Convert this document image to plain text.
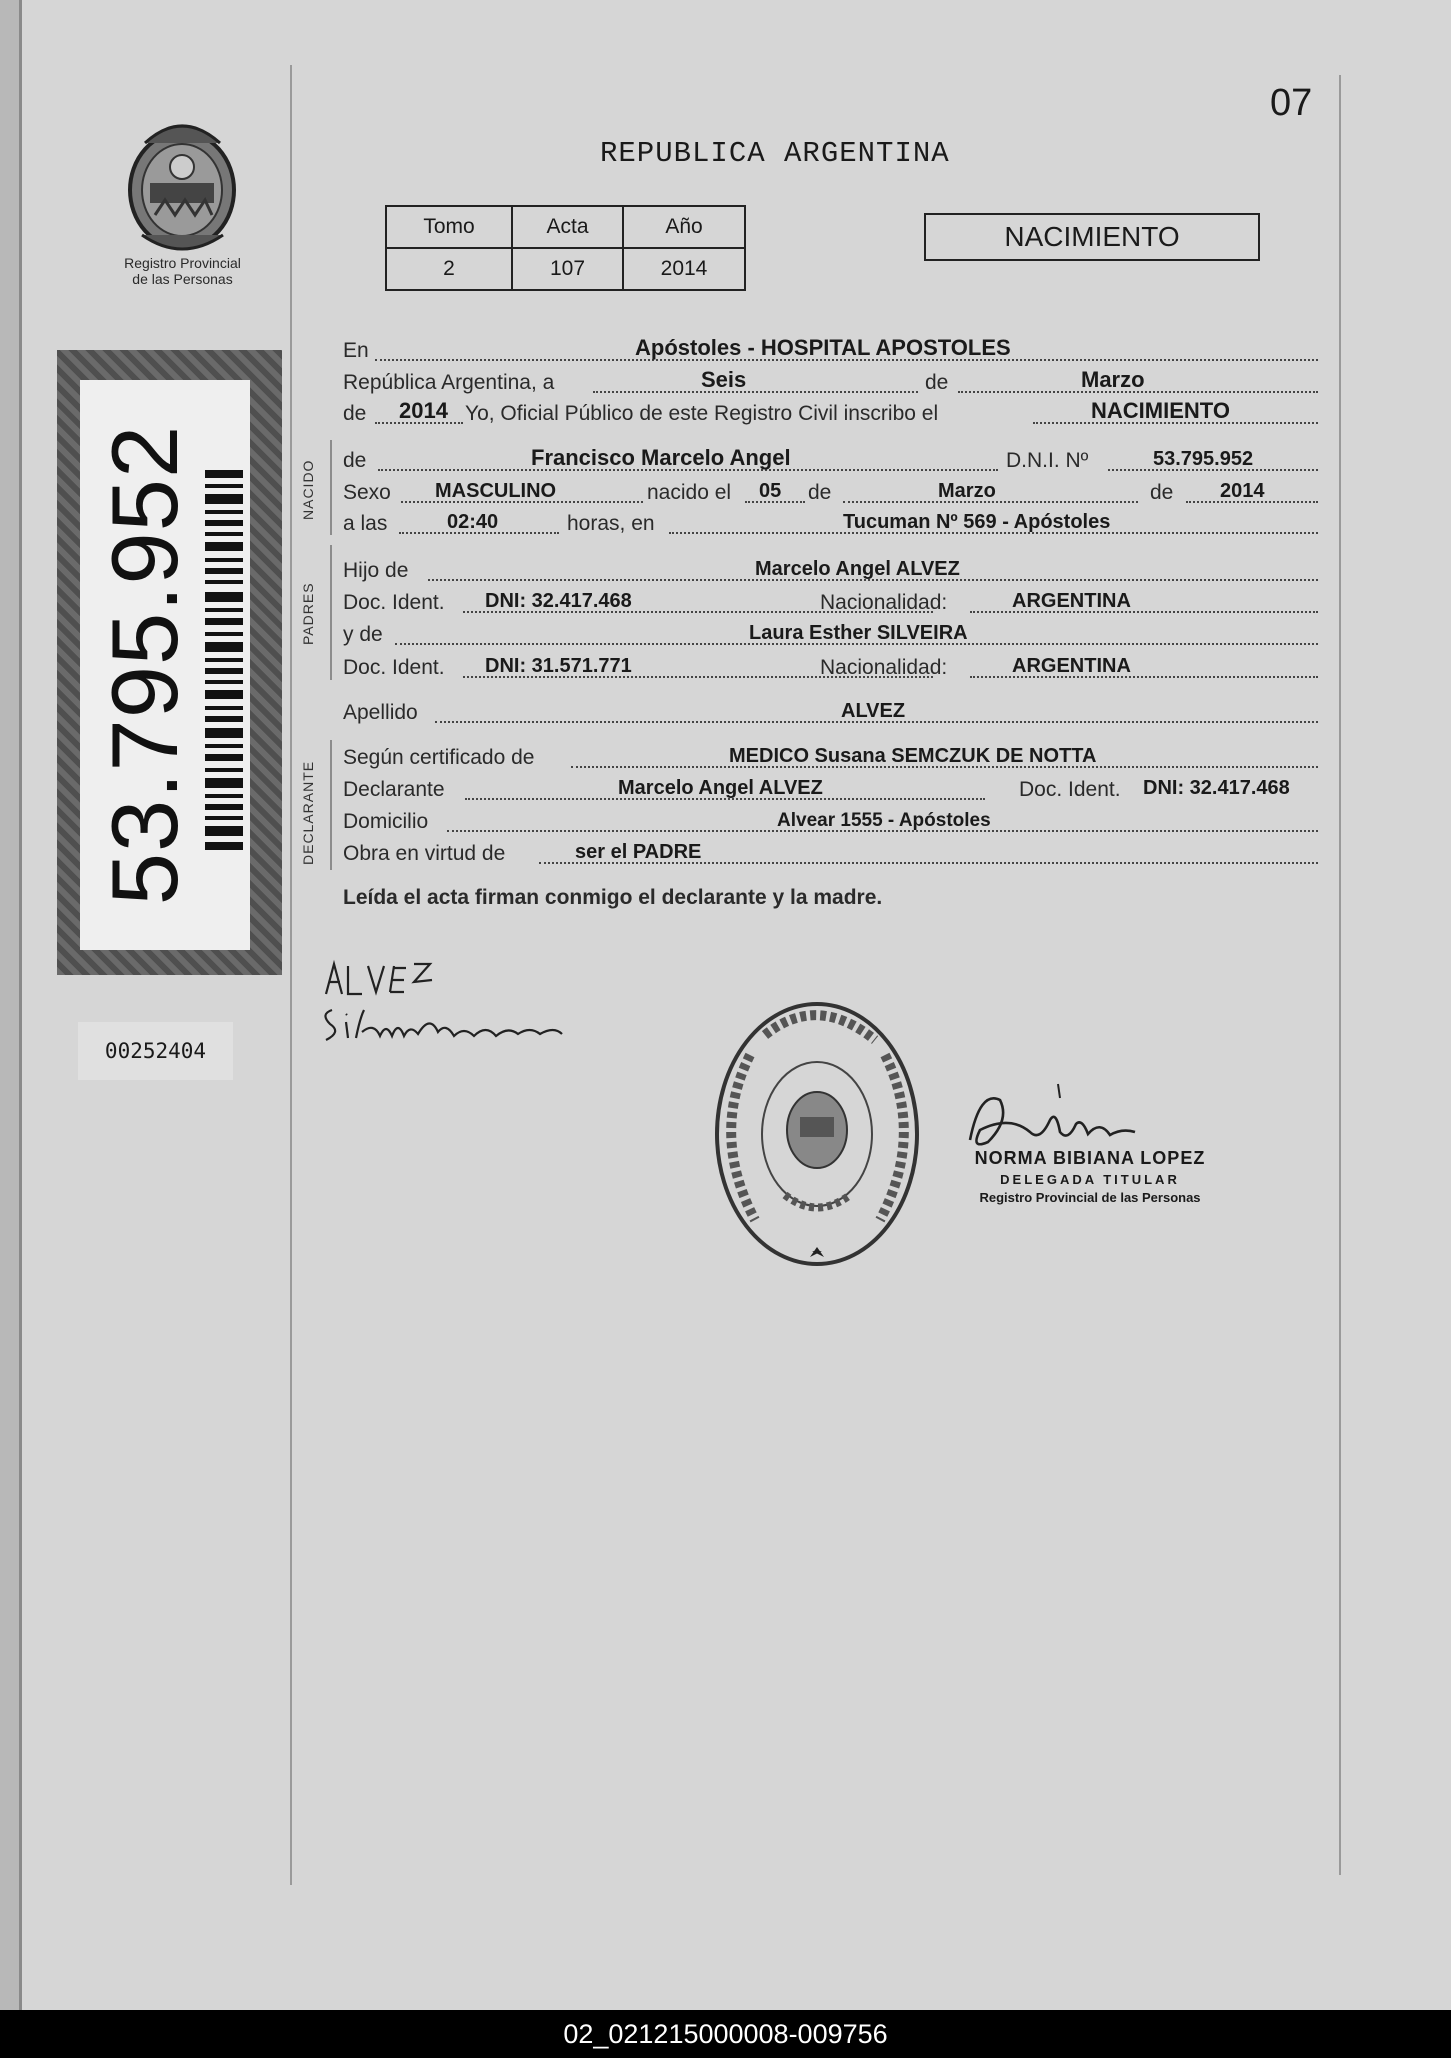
Registro Provincial
de las Personas
53.795.952
00252404
07
REPUBLICA ARGENTINA
Tomo	Acta	Año
2	107	2014
NACIMIENTO
NACIDO
PADRES
DECLARANTE
En	Apóstoles - HOSPITAL APOSTOLES
República Argentina, a	Seis	de	Marzo
de 2014 Yo, Oficial Público de este Registro Civil inscribo el	NACIMIENTO
de	Francisco Marcelo Angel	D.N.I. Nº	53.795.952
Sexo MASCULINO	nacido el 05 de	Marzo	de 2014
a las	02:40	horas, en	Tucuman Nº 569 - Apóstoles
Hijo de	Marcelo Angel ALVEZ
Doc. Ident. DNI: 32.417.468	Nacionalidad:	ARGENTINA
y de	Laura Esther SILVEIRA
Doc. Ident. DNI: 31.571.771	Nacionalidad:	ARGENTINA
Apellido	ALVEZ
Según certificado de	MEDICO Susana SEMCZUK DE NOTTA
Declarante	Marcelo Angel ALVEZ	Doc. Ident. DNI: 32.417.468
Domicilio	Alvear 1555 - Apóstoles
Obra en virtud de	ser el PADRE
Leída el acta firman conmigo el declarante y la madre.
NORMA BIBIANA LOPEZ
DELEGADA TITULAR
Registro Provincial de las Personas
02_021215000008-009756
